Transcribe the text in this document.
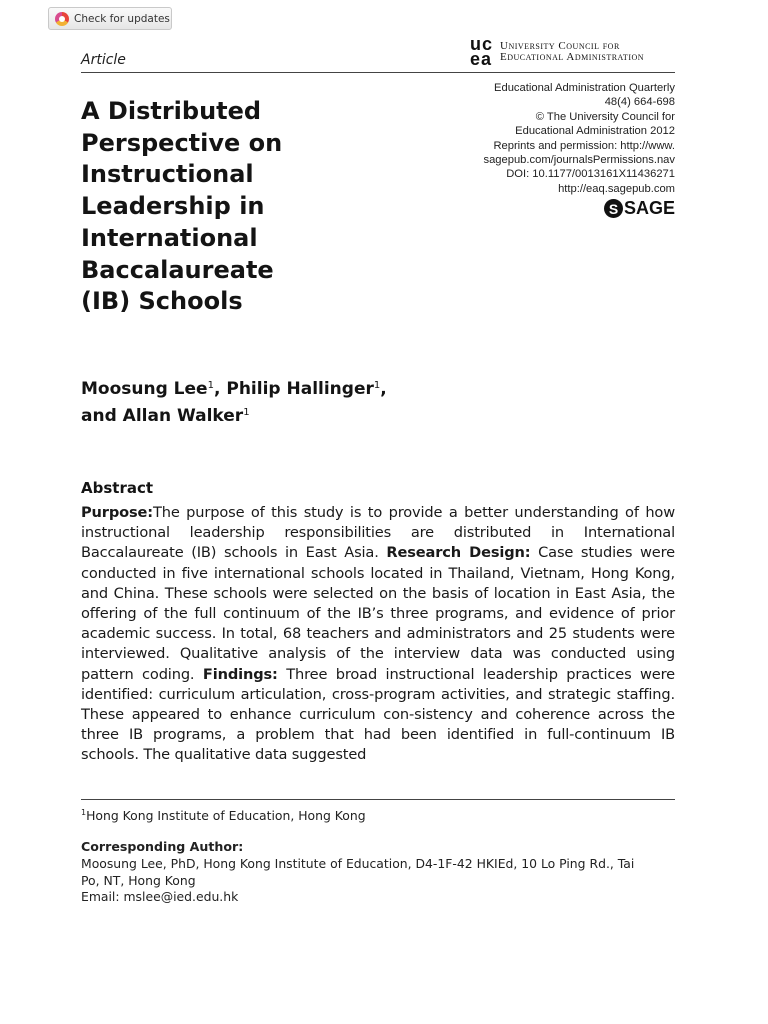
Check for updates
Article
uc
ea
University Council for
Educational Administration
Educational Administration Quarterly
48(4) 664-698
© The University Council for
Educational Administration 2012
Reprints and permission: http://www.
sagepub.com/journalsPermissions.nav
DOI: 10.1177/0013161X11436271
http://eaq.sagepub.com
S SAGE
A Distributed
Perspective on
Instructional
Leadership in
International
Baccalaureate
(IB) Schools
Moosung Lee$^1$, Philip Hallinger$^1$,
and Allan Walker$^1$
Abstract

Purpose:The purpose of this study is to provide a better understanding of how instructional leadership responsibilities are distributed in International Baccalaureate (IB) schools in East Asia. Research Design: Case studies were conducted in five international schools located in Thailand, Vietnam, Hong Kong, and China. These schools were selected on the basis of location in East Asia, the offering of the full continuum of the IB’s three programs, and evidence of prior academic success. In total, 68 teachers and administrators and 25 students were interviewed. Qualitative analysis of the interview data was conducted using pattern coding. Findings: Three broad instructional leadership practices were identified: curriculum articulation, cross-program activities, and strategic staffing. These appeared to enhance curriculum con-sistency and coherence across the three IB programs, a problem that had been identified in full-continuum IB schools. The qualitative data suggested

$^1$Hong Kong Institute of Education, Hong Kong
Corresponding Author:
Moosung Lee, PhD, Hong Kong Institute of Education, D4-1F-42 HKIEd, 10 Lo Ping Rd., Tai
Po, NT, Hong Kong
Email: mslee@ied.edu.hk
